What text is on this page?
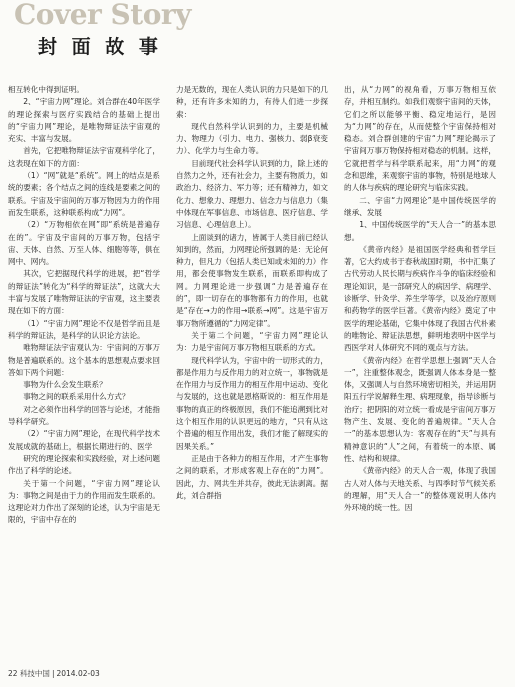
Cover Story
封 面 故 事

相互转化中得到证明。

2、“宇宙力网”理论。刘合群在40年医学的理论探索与医疗实践结合的基础上提出的“宇宙力网”理论，是唯物辩证法宇宙观的充实、丰富与发展。

首先，它把唯物辩证法宇宙观科学化了，这表现在如下的方面：

（1）“网”就是“系统”。网上的结点是系统的要素；各个结点之间的连线是要素之间的联系。宇宙及宇宙间的万事万物因为力的作用而发生联系，这种联系构成“力网”。

（2）“万物相依在网”即“系统是普遍存在的”。宇宙及宇宙间的万事万物，包括宇宙、天体、自然、万至人体、细胞等等，俱在网中、网内。

其次，它把据现代科学的进展，把“哲学的辩证法”转化为“科学的辩证法”，这就大大丰富与发展了唯物辩证法的宇宙观，这主要表现在如下的方面：

（1）“宇宙力网”理论不仅是哲学而且是科学的辩证法，是科学的认识论方法论。

唯物辩证法宇宙观认为：宇宙间的万事万物是普遍联系的。这个基本的思想观点要求回答如下两个问题：

事物为什么会发生联系？

事物之间的联系采用什么方式？

对之必须作出科学的回答与论述，才能指导科学研究。

（2）“宇宙力网”理论，在现代科学技术发展成就的基础上，根据长期进行的、医学

研究的理论探索和实践经验，对上述问题作出了科学的论述。

关于第一个问题，“宇宙力网”理论认为：事物之间是由于力的作用而发生联系的。这理论对力作出了深刻的论述，认为宇宙是无限的，宇宙中存在的

力是无数的，现在人类认识的力只是如下的几种，还有许多未知的力，有待人们进一步探索：

现代自然科学认识到的力，主要是机械力、物理力（引力、电力、强核力、弱β衰变力）、化学力与生命力等。

目前现代社会科学认识到的力，除上述的自然力之外，还有社会力，主要有物质力，如政治力、经济力、军力等；还有精神力，如文化力、想象力、理想力、信念力与信息力（集中体现在军事信息、市场信息、医疗信息、学习信息、心理信息上）。

上面谈到的诸力，皆属于人类目前已经认知到的，然而，力网理论所强调的是：无论何种力，但凡力（包括人类已知或未知的力）作用，都会使事物发生联系，而联系即构成了网。力网理论进一步强调“力是普遍存在的”，即一切存在的事物都有力的作用，也就是“存在→力的作用→联系→网”。这是宇宙万事万物所遵循的“力网定律”。

关于第二个问题，“宇宙力网”理论认为：力是宇宙间万事万物相互联系的方式。

现代科学认为，宇宙中的一切形式的力，都是作用力与反作用力的对立统一，事物就是在作用力与反作用力的相互作用中运动、变化与发展的，这也就是恩格斯说的：相互作用是事物的真正的终极原因，我们不能追溯到比对这个相互作用的认识更远的地方，“只有从这个普遍的相互作用出发，我们才能了解现实的因果关系。”

正是由于各种力的相互作用，才产生事物之间的联系，才形成客观上存在的“力网”。因此，力、网共生并共存，彼此无法剥离。据此，刘合群指

出，从“力网”的视角看，万事万物相互依存，并相互制约。如我们观察宇宙间的天体，它们之所以能够平衡、稳定地运行，是因为“力网”的存在，从而使整个宇宙保持相对稳态。刘合群创建的宇宙“力网”理论揭示了宇宙间万事万物保持相对稳态的机制。这样，它就把哲学与科学联系起来，用“力网”的观念和思维，来观察宇宙的事物，特别是地球人的人体与疾病的理论研究与临床实践。

二、宇宙“力网理论”是中国传统医学的继承、发展

1、中国传统医学的“天人合一”的基本思想。

《黄帝内经》是祖国医学经典和哲学巨著，它大约成书于春秋战国时期，书中汇集了古代劳动人民长期与疾病作斗争的临床经验和理论知识，是一部研究人的病因学、病理学、诊断学、针灸学、养生学等学，以及治疗原则和药物学的医学巨著。《黄帝内经》奠定了中医学的理论基础，它集中体现了我国古代朴素的唯物论、辩证法思想，鲜明地表明中医学与西医学对人体研究不同的观点与方法。

《黄帝内经》在哲学思想上强调“天人合一”，注重整体观念，既强调人体本身是一整体，又强调人与自然环境密切相关，并运用阴阳五行学说解释生理、病理现象，指导诊断与治疗；把阴阳的对立统一看成是宇宙间万事万物产生、发展、变化的普遍规律。“天人合一”的基本思想认为：客观存在的“天”与具有精神意识的“人”之间，有着统一的本原、属性、结构和规律。

《黄帝内经》的天人合一观，体现了我国古人对人体与天地关系、与四季时节气候关系的理解，用“天人合一”的整体观说明人体内外环境的统一性。因

22 科技中国 | 2014.02-03
